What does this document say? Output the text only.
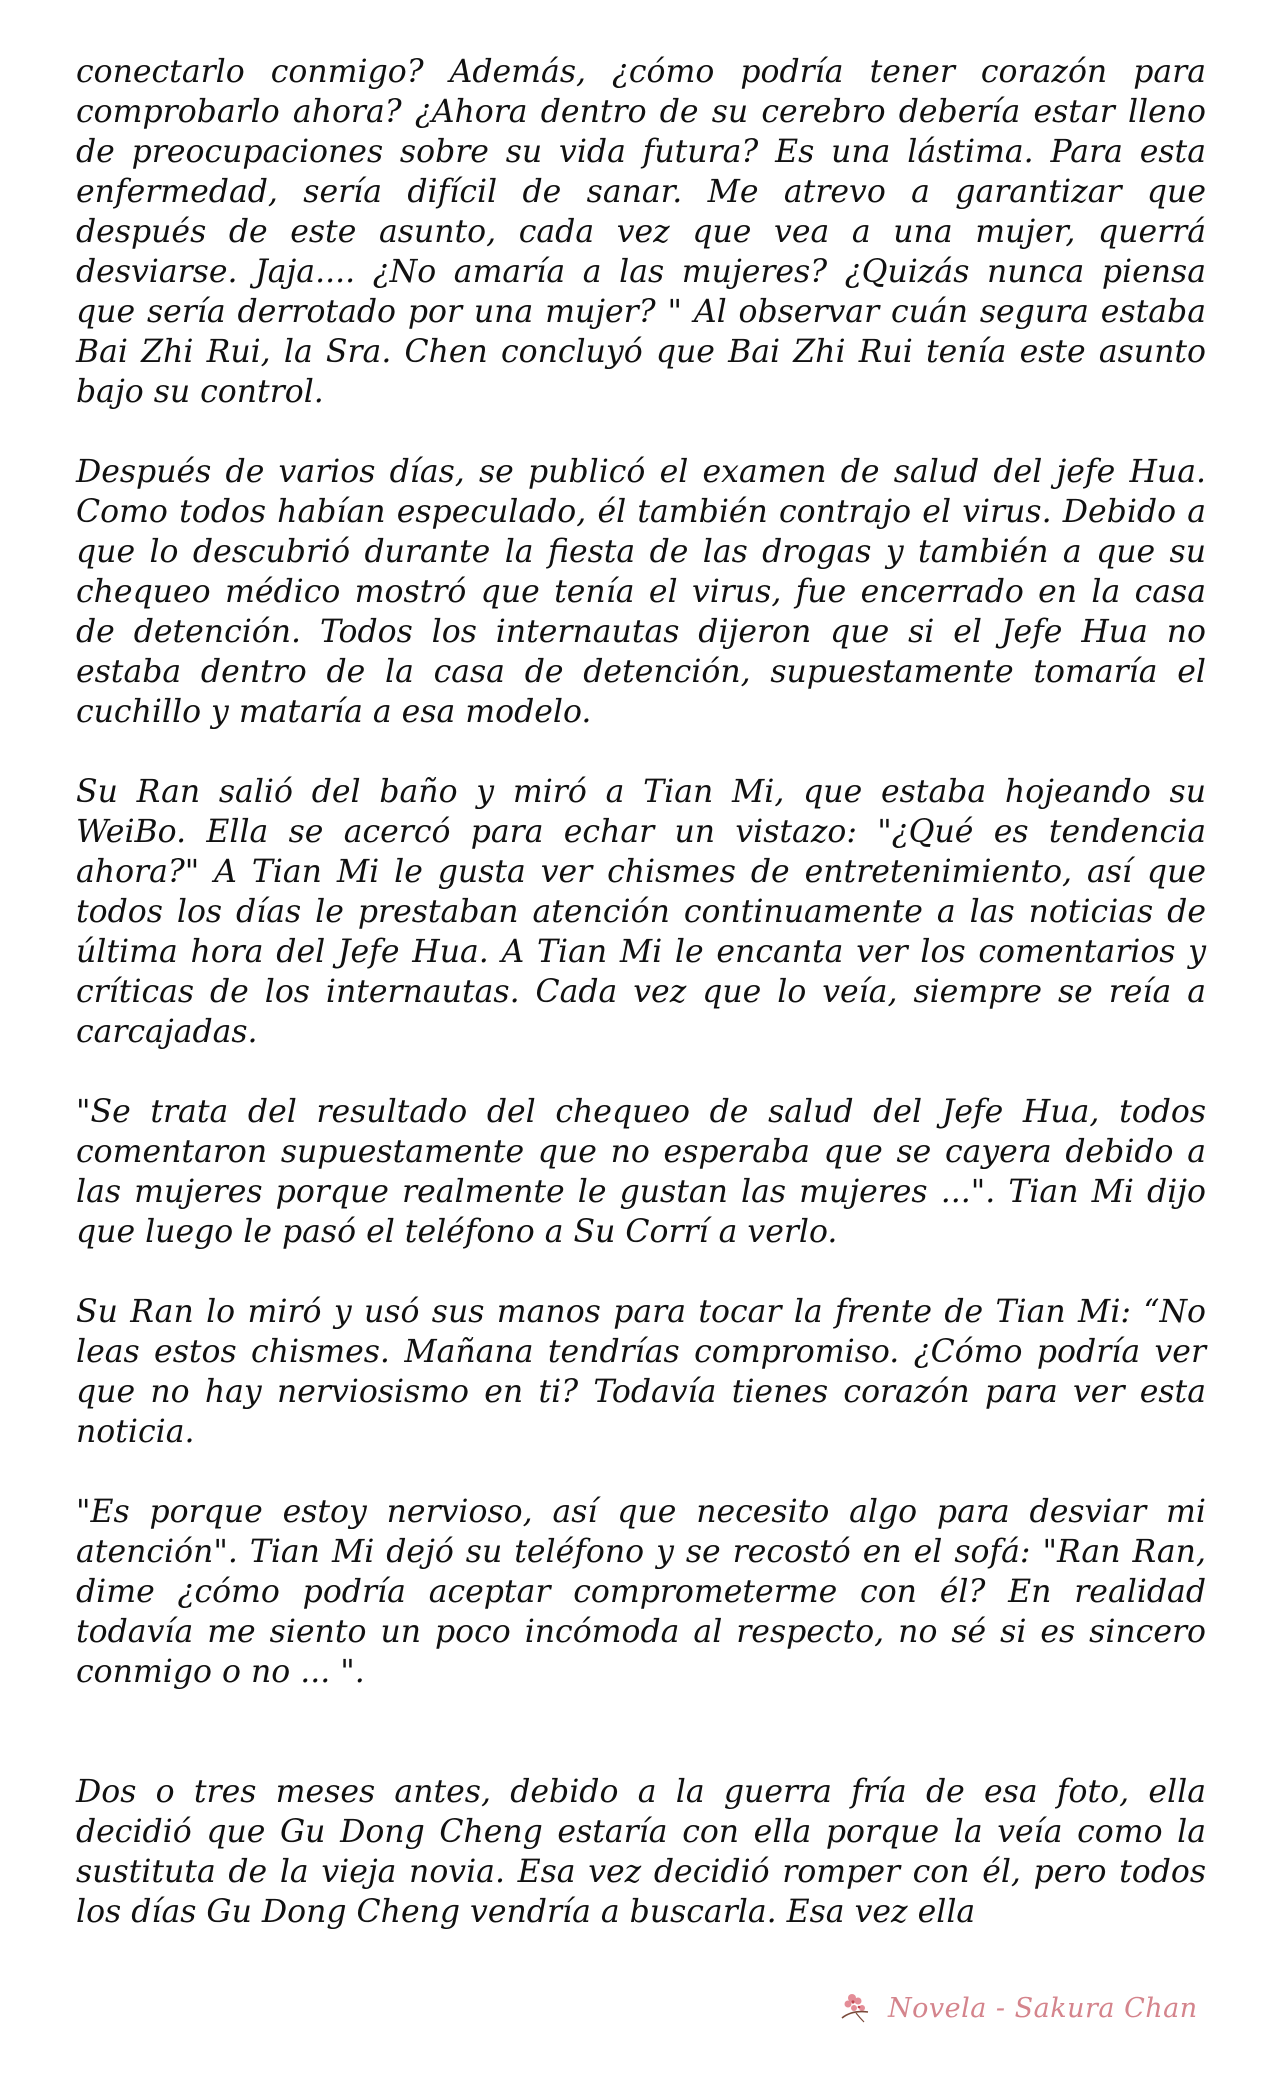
conectarlo conmigo? Además, ¿cómo podría tener corazón para comprobarlo ahora? ¿Ahora dentro de su cerebro debería estar lleno de preocupaciones sobre su vida futura? Es una lástima. Para esta enfermedad, sería difícil de sanar. Me atrevo a garantizar que después de este asunto, cada vez que vea a una mujer, querrá desviarse. Jaja.... ¿No amaría a las mujeres? ¿Quizás nunca piensa que sería derrotado por una mujer? " Al observar cuán segura estaba Bai Zhi Rui, la Sra. Chen concluyó que Bai Zhi Rui tenía este asunto bajo su control.

Después de varios días, se publicó el examen de salud del jefe Hua. Como todos habían especulado, él también contrajo el virus. Debido a que lo descubrió durante la fiesta de las drogas y también a que su chequeo médico mostró que tenía el virus, fue encerrado en la casa de detención. Todos los internautas dijeron que si el Jefe Hua no estaba dentro de la casa de detención, supuestamente tomaría el cuchillo y mataría a esa modelo.

Su Ran salió del baño y miró a Tian Mi, que estaba hojeando su WeiBo. Ella se acercó para echar un vistazo: "¿Qué es tendencia ahora?" A Tian Mi le gusta ver chismes de entretenimiento, así que todos los días le prestaban atención continuamente a las noticias de última hora del Jefe Hua. A Tian Mi le encanta ver los comentarios y críticas de los internautas. Cada vez que lo veía, siempre se reía a carcajadas.

"Se trata del resultado del chequeo de salud del Jefe Hua, todos comentaron supuestamente que no esperaba que se cayera debido a las mujeres porque realmente le gustan las mujeres ...". Tian Mi dijo que luego le pasó el teléfono a Su Corrí a verlo.

Su Ran lo miró y usó sus manos para tocar la frente de Tian Mi: “No leas estos chismes. Mañana tendrías compromiso. ¿Cómo podría ver que no hay nerviosismo en ti? Todavía tienes corazón para ver esta noticia.

"Es porque estoy nervioso, así que necesito algo para desviar mi atención". Tian Mi dejó su teléfono y se recostó en el sofá: "Ran Ran, dime ¿cómo podría aceptar comprometerme con él? En realidad todavía me siento un poco incómoda al respecto, no sé si es sincero conmigo o no ... ".

Dos o tres meses antes, debido a la guerra fría de esa foto, ella decidió que Gu Dong Cheng estaría con ella porque la veía como la sustituta de la vieja novia. Esa vez decidió romper con él, pero todos los días Gu Dong Cheng vendría a buscarla. Esa vez ella

Novela - Sakura Chan
